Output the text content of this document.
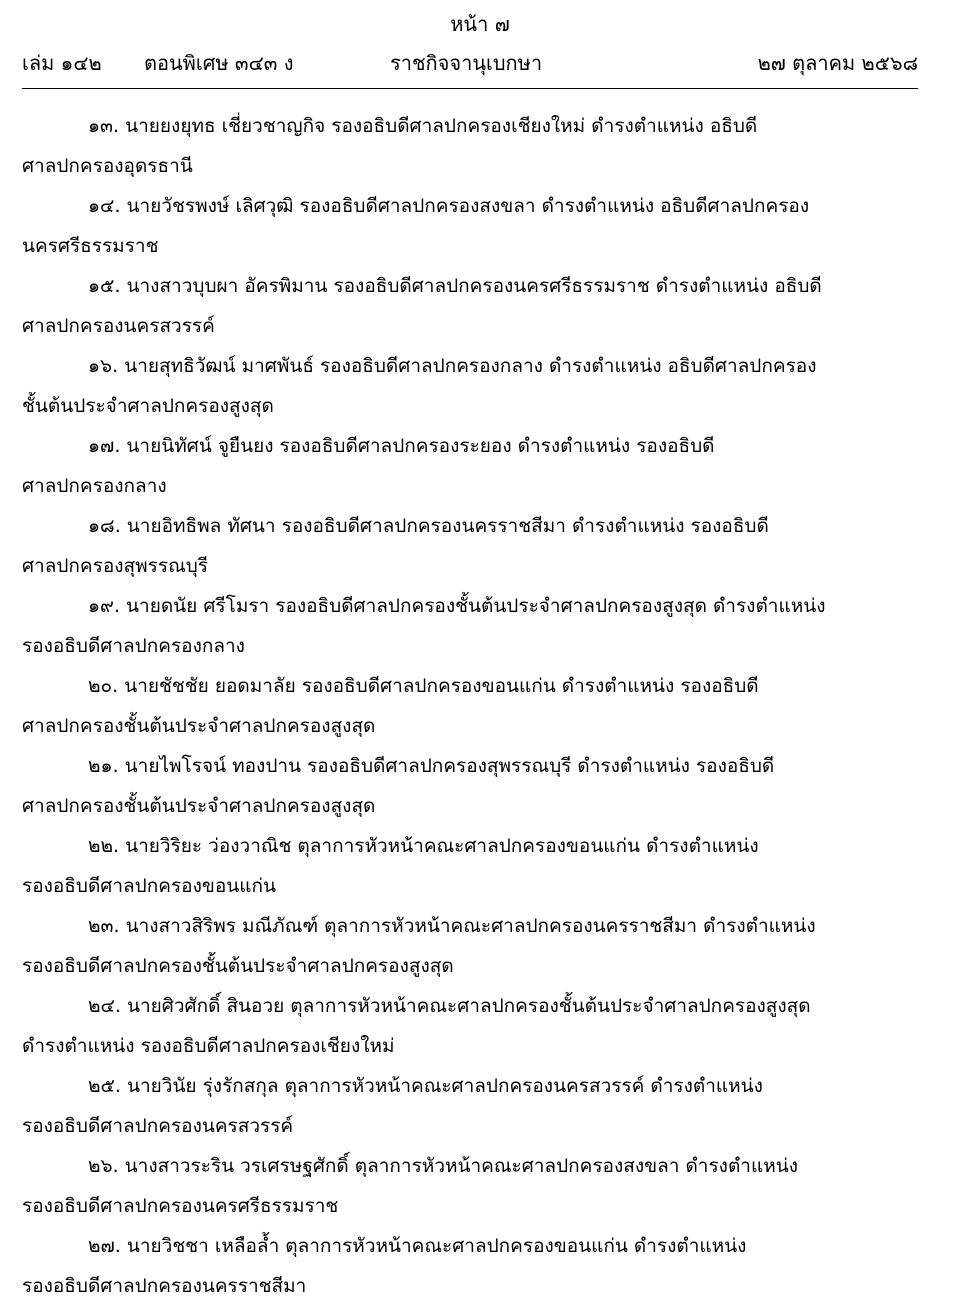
หน้า ๗
เล่ม ๑๔๒ ตอนพิเศษ ๓๔๓ ง	ราชกิจจานุเบกษา	๒๗ ตุลาคม ๒๕๖๘

๑๓. นายยงยุทธ เชี่ยวชาญกิจ รองอธิบดีศาลปกครองเชียงใหม่ ดำรงตำแหน่ง อธิบดี

ศาลปกครองอุดรธานี

๑๔. นายวัชรพงษ์ เลิศวุฒิ รองอธิบดีศาลปกครองสงขลา ดำรงตำแหน่ง อธิบดีศาลปกครอง

นครศรีธรรมราช

๑๕. นางสาวบุบผา อัครพิมาน รองอธิบดีศาลปกครองนครศรีธรรมราช ดำรงตำแหน่ง อธิบดี

ศาลปกครองนครสวรรค์

๑๖. นายสุทธิวัฒน์ มาศพันธ์ รองอธิบดีศาลปกครองกลาง ดำรงตำแหน่ง อธิบดีศาลปกครอง

ชั้นต้นประจำศาลปกครองสูงสุด

๑๗. นายนิทัศน์ จูยืนยง รองอธิบดีศาลปกครองระยอง ดำรงตำแหน่ง รองอธิบดี

ศาลปกครองกลาง

๑๘. นายอิทธิพล ทัศนา รองอธิบดีศาลปกครองนครราชสีมา ดำรงตำแหน่ง รองอธิบดี

ศาลปกครองสุพรรณบุรี

๑๙. นายดนัย ศรีโมรา รองอธิบดีศาลปกครองชั้นต้นประจำศาลปกครองสูงสุด ดำรงตำแหน่ง

รองอธิบดีศาลปกครองกลาง

๒๐. นายชัชชัย ยอดมาลัย รองอธิบดีศาลปกครองขอนแก่น ดำรงตำแหน่ง รองอธิบดี

ศาลปกครองชั้นต้นประจำศาลปกครองสูงสุด

๒๑. นายไพโรจน์ ทองปาน รองอธิบดีศาลปกครองสุพรรณบุรี ดำรงตำแหน่ง รองอธิบดี

ศาลปกครองชั้นต้นประจำศาลปกครองสูงสุด

๒๒. นายวิริยะ ว่องวาณิช ตุลาการหัวหน้าคณะศาลปกครองขอนแก่น ดำรงตำแหน่ง

รองอธิบดีศาลปกครองขอนแก่น

๒๓. นางสาวสิริพร มณีภัณฑ์ ตุลาการหัวหน้าคณะศาลปกครองนครราชสีมา ดำรงตำแหน่ง

รองอธิบดีศาลปกครองชั้นต้นประจำศาลปกครองสูงสุด

๒๔. นายศิวศักดิ์ สินอวย ตุลาการหัวหน้าคณะศาลปกครองชั้นต้นประจำศาลปกครองสูงสุด

ดำรงตำแหน่ง รองอธิบดีศาลปกครองเชียงใหม่

๒๕. นายวินัย รุ่งรักสกุล ตุลาการหัวหน้าคณะศาลปกครองนครสวรรค์ ดำรงตำแหน่ง

รองอธิบดีศาลปกครองนครสวรรค์

๒๖. นางสาวระริน วรเศรษฐศักดิ์ ตุลาการหัวหน้าคณะศาลปกครองสงขลา ดำรงตำแหน่ง

รองอธิบดีศาลปกครองนครศรีธรรมราช

๒๗. นายวิชชา เหลือล้ำ ตุลาการหัวหน้าคณะศาลปกครองขอนแก่น ดำรงตำแหน่ง

รองอธิบดีศาลปกครองนครราชสีมา
